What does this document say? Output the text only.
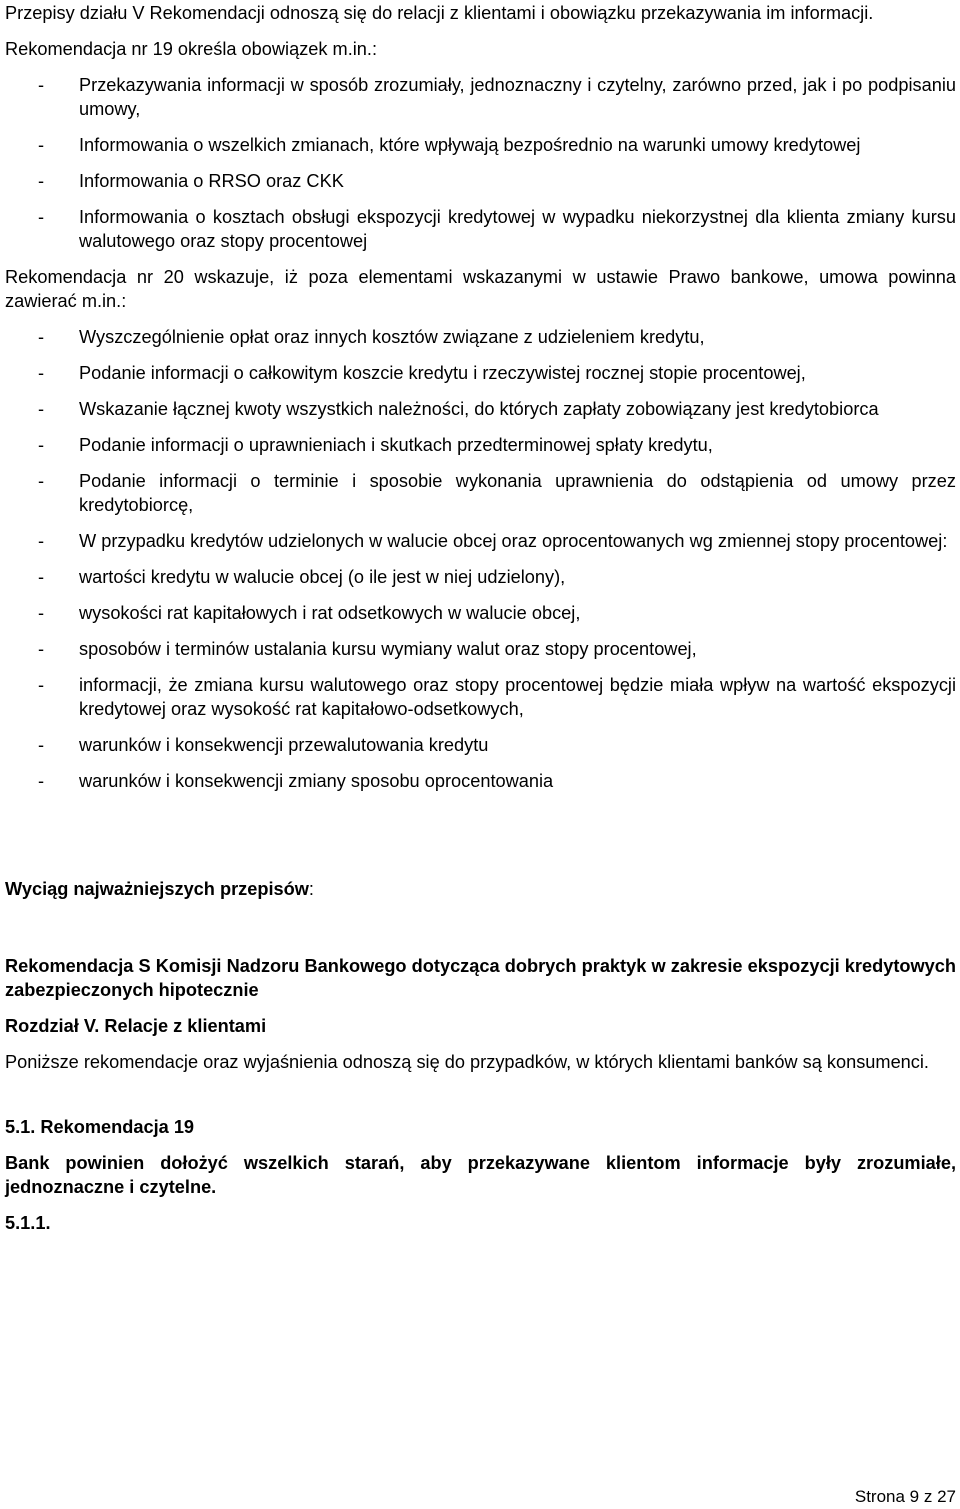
Przepisy działu V Rekomendacji odnoszą się do relacji z klientami i obowiązku przekazywania im informacji.

Rekomendacja nr 19 określa obowiązek m.in.:

- Przekazywania informacji w sposób zrozumiały, jednoznaczny i czytelny, zarówno przed, jak i po podpisaniu umowy,
- Informowania o wszelkich zmianach, które wpływają bezpośrednio na warunki umowy kredytowej
- Informowania o RRSO oraz CKK
- Informowania o kosztach obsługi ekspozycji kredytowej w wypadku niekorzystnej dla klienta zmiany kursu walutowego oraz stopy procentowej

Rekomendacja nr 20 wskazuje, iż poza elementami wskazanymi w ustawie Prawo bankowe, umowa powinna zawierać m.in.:

- Wyszczególnienie opłat oraz innych kosztów związane z udzieleniem kredytu,
- Podanie informacji o całkowitym koszcie kredytu i rzeczywistej rocznej stopie procentowej,
- Wskazanie łącznej kwoty wszystkich należności, do których zapłaty zobowiązany jest kredytobiorca
- Podanie informacji o uprawnieniach i skutkach przedterminowej spłaty kredytu,
- Podanie informacji o terminie i sposobie wykonania uprawnienia do odstąpienia od umowy przez kredytobiorcę,
- W przypadku kredytów udzielonych w walucie obcej oraz oprocentowanych wg zmiennej stopy procentowej:
- wartości kredytu w walucie obcej (o ile jest w niej udzielony),
- wysokości rat kapitałowych i rat odsetkowych w walucie obcej,
- sposobów i terminów ustalania kursu wymiany walut oraz stopy procentowej,
- informacji, że zmiana kursu walutowego oraz stopy procentowej będzie miała wpływ na wartość ekspozycji kredytowej oraz wysokość rat kapitałowo-odsetkowych,
- warunków i konsekwencji przewalutowania kredytu
- warunków i konsekwencji zmiany sposobu oprocentowania

Wyciąg najważniejszych przepisów:

Rekomendacja S Komisji Nadzoru Bankowego dotycząca dobrych praktyk w zakresie ekspozycji kredytowych zabezpieczonych hipotecznie

Rozdział V. Relacje z klientami

Poniższe rekomendacje oraz wyjaśnienia odnoszą się do przypadków, w których klientami banków są konsumenci.

5.1. Rekomendacja 19

Bank powinien dołożyć wszelkich starań, aby przekazywane klientom informacje były zrozumiałe, jednoznaczne i czytelne.

5.1.1.

Strona 9 z 27
